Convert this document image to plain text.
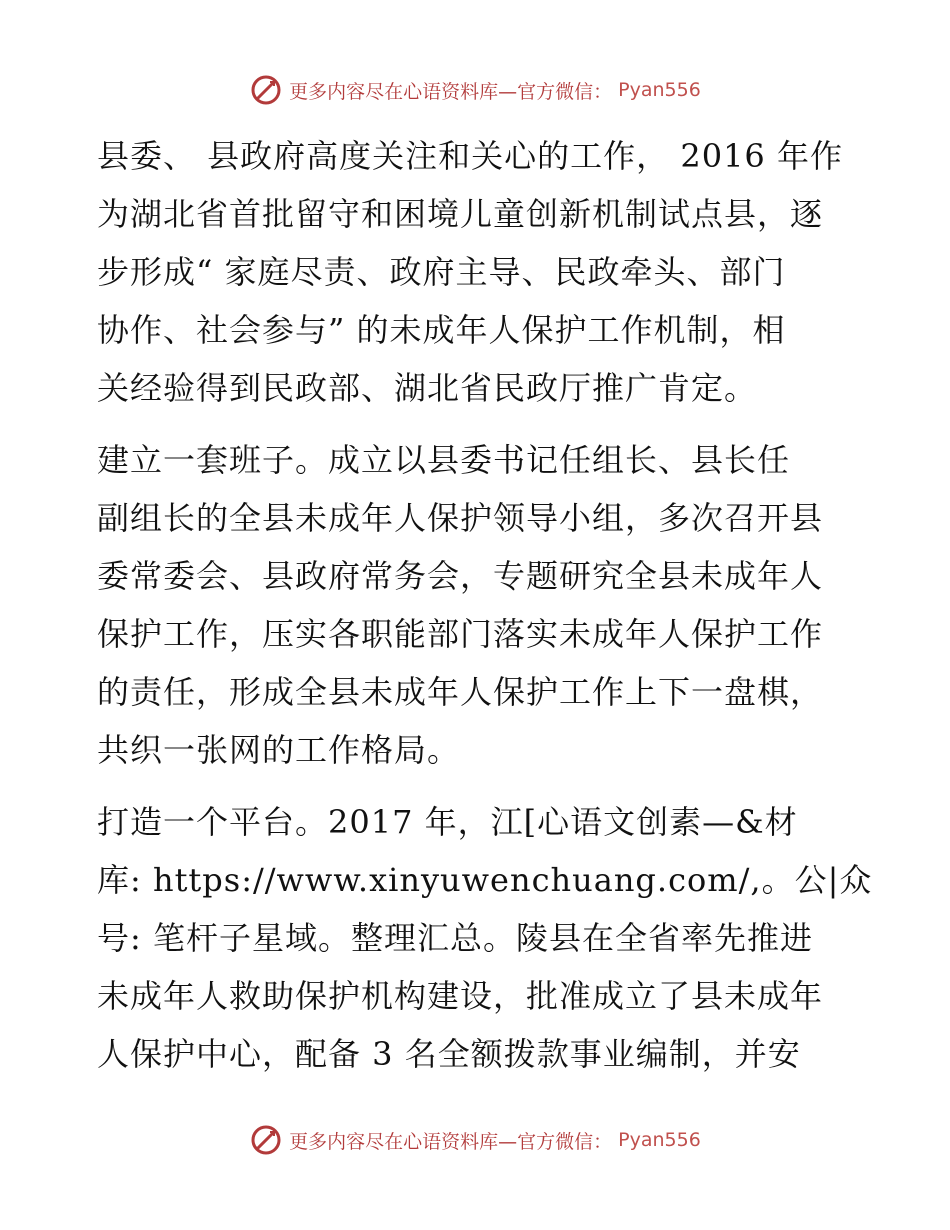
更多内容尽在心语资料库—官方微信： Pyan556
县委、 县政府高度关注和关心的工作， 2016 年作
为湖北省首批留守和困境儿童创新机制试点县，逐
步形成“ 家庭尽责、政府主导、民政牵头、部门
协作、社会参与” 的未成年人保护工作机制，相
关经验得到民政部、湖北省民政厅推广肯定。
建立一套班子。成立以县委书记任组长、县长任
副组长的全县未成年人保护领导小组，多次召开县
委常委会、县政府常务会，专题研究全县未成年人
保护工作，压实各职能部门落实未成年人保护工作
的责任，形成全县未成年人保护工作上下一盘棋，
共织一张网的工作格局。
打造一个平台。2017 年，江[心语文创素—&材
库: https://www.xinyuwenchuang.com/,。公|众
号: 笔杆子星域。整理汇总。陵县在全省率先推进
未成年人救助保护机构建设，批准成立了县未成年
人保护中心，配备 3 名全额拨款事业编制，并安
更多内容尽在心语资料库—官方微信： Pyan556
